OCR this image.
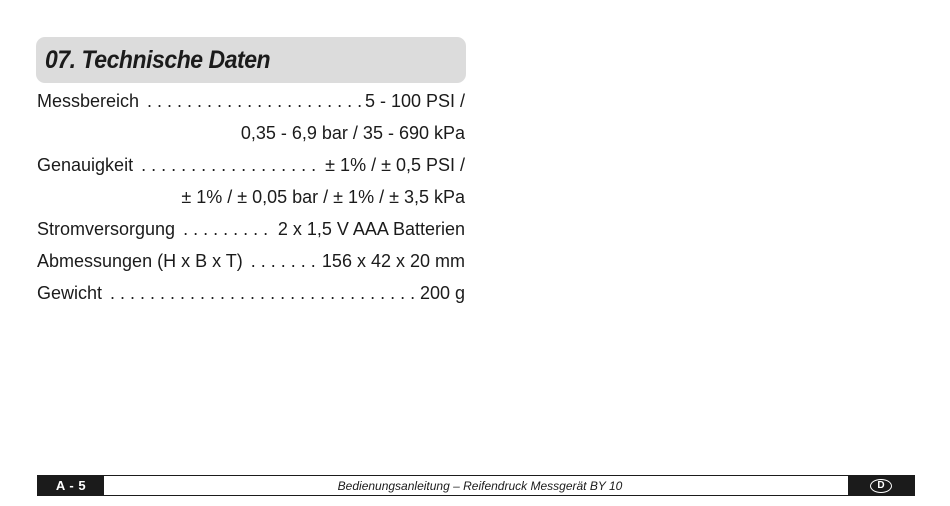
07. Technische Daten
Messbereich . . .	5 - 100 PSI /
0,35 - 6,9 bar / 35 - 690 kPa
Genauigkeit . . .	± 1% / ± 0,5 PSI /
± 1% / ± 0,05 bar / ± 1% / ± 3,5 kPa
Stromversorgung . . .	2 x 1,5 V AAA Batterien
Abmessungen (H x B x T) . . .	156 x 42 x 20 mm
Gewicht . . .	200 g
A - 5	Bedienungsanleitung – Reifendruck Messgerät BY 10	D
